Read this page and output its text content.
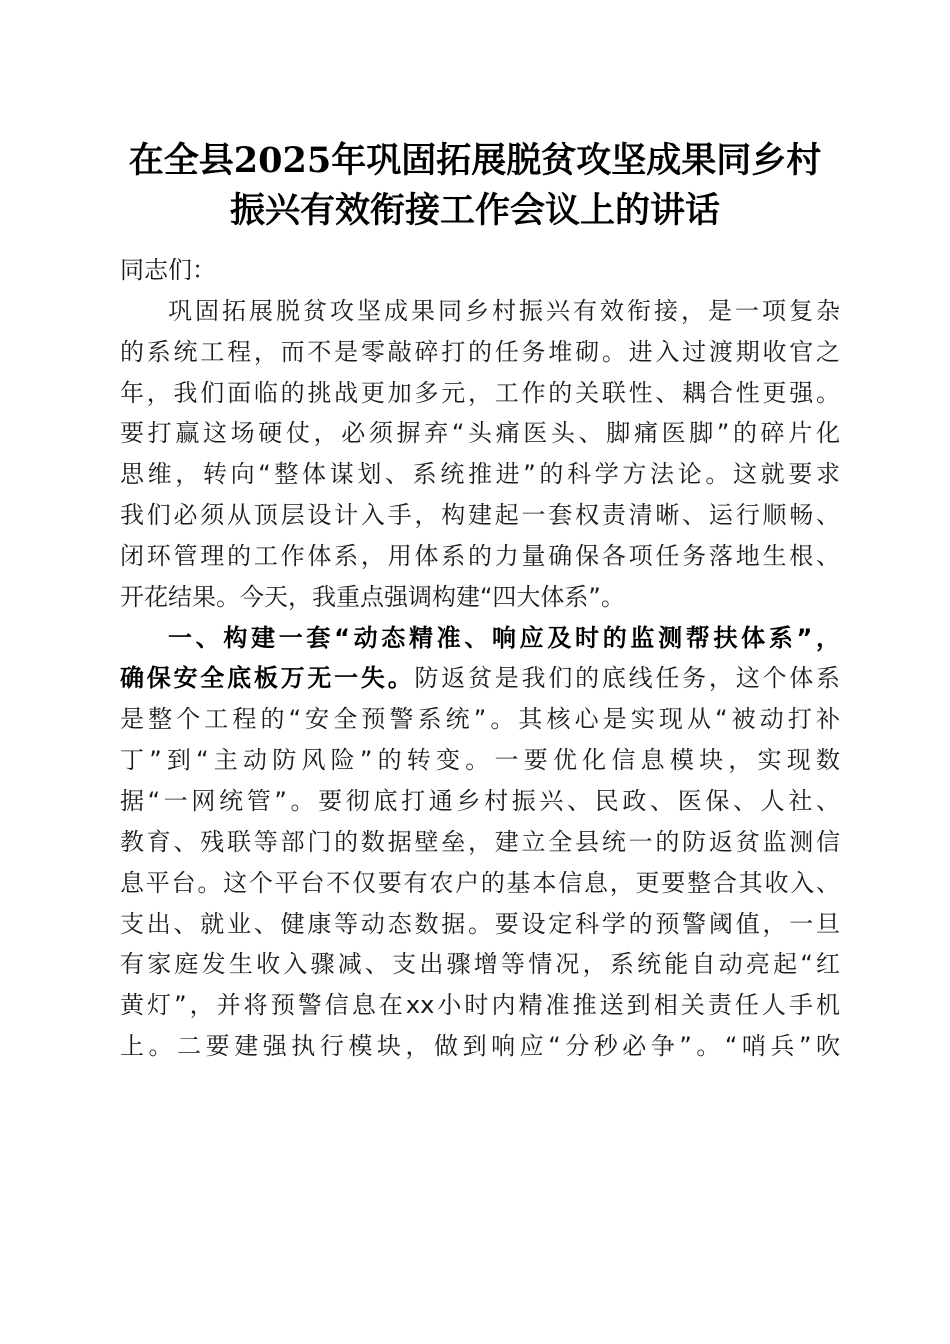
在全县2025年巩固拓展脱贫攻坚成果同乡村
振兴有效衔接工作会议上的讲话
同志们：
巩固拓展脱贫攻坚成果同乡村振兴有效衔接，是一项复杂
的系统工程，而不是零敲碎打的任务堆砌。进入过渡期收官之
年，我们面临的挑战更加多元，工作的关联性、耦合性更强。
要打赢这场硬仗，必须摒弃“头痛医头、脚痛医脚”的碎片化
思维，转向“整体谋划、系统推进”的科学方法论。这就要求
我们必须从顶层设计入手，构建起一套权责清晰、运行顺畅、
闭环管理的工作体系，用体系的力量确保各项任务落地生根、
开花结果。今天，我重点强调构建“四大体系”。
一、构建一套“动态精准、响应及时的监测帮扶体系”，
确保安全底板万无一失。防返贫是我们的底线任务，这个体系
是整个工程的“安全预警系统”。其核心是实现从“被动打补
丁”到“主动防风险”的转变。一要优化信息模块，实现数
据“一网统管”。要彻底打通乡村振兴、民政、医保、人社、
教育、残联等部门的数据壁垒，建立全县统一的防返贫监测信
息平台。这个平台不仅要有农户的基本信息，更要整合其收入、
支出、就业、健康等动态数据。要设定科学的预警阈值，一旦
有家庭发生收入骤减、支出骤增等情况，系统能自动亮起“红
黄灯”，并将预警信息在xx小时内精准推送到相关责任人手机
上。二要建强执行模块，做到响应“分秒必争”。“哨兵”吹
